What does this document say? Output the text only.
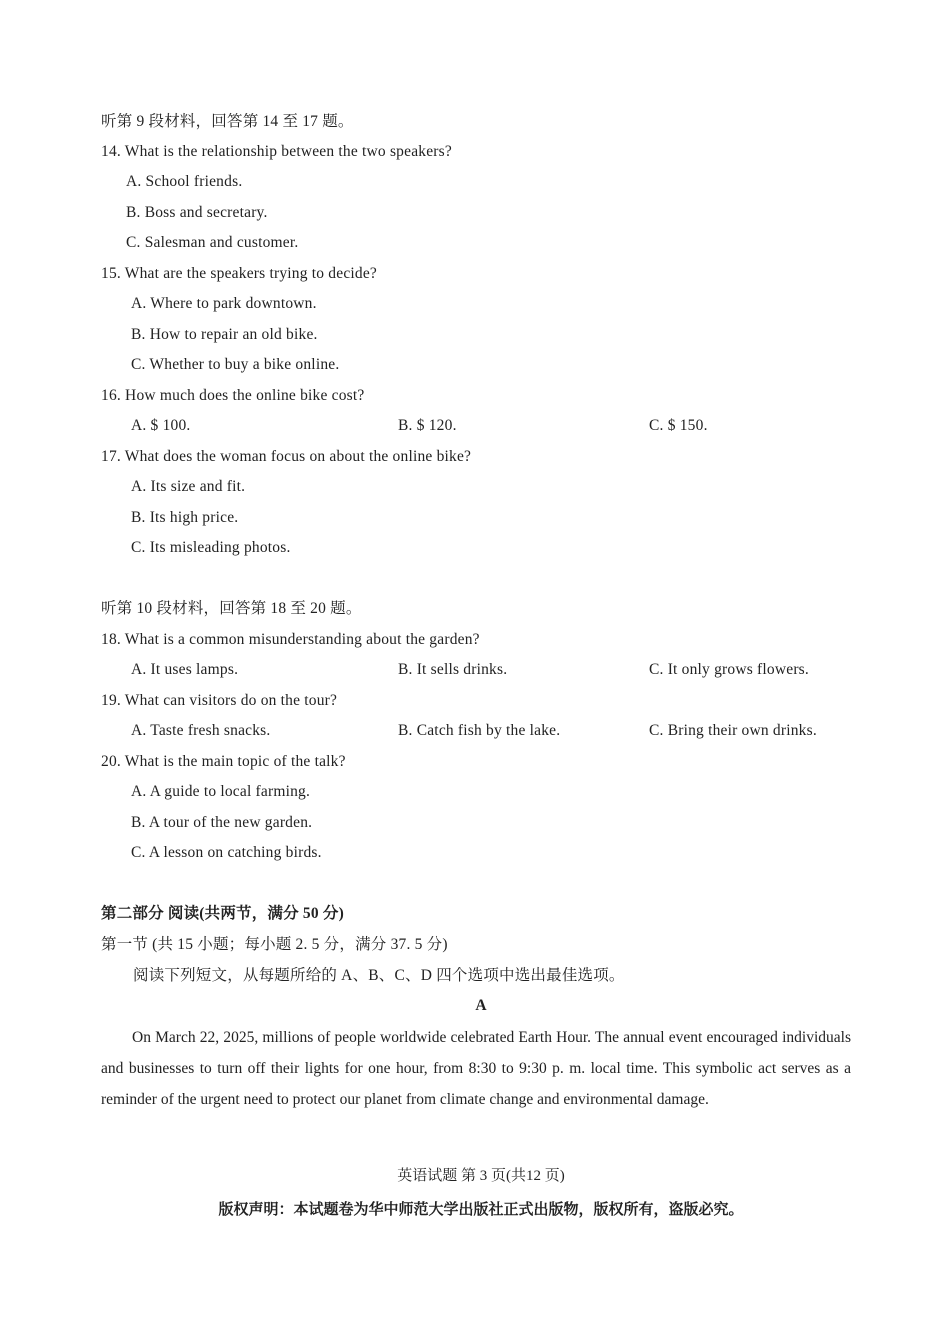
听第 9 段材料，回答第 14 至 17 题。
14. What is the relationship between the two speakers?
A. School friends.
B. Boss and secretary.
C. Salesman and customer.
15. What are the speakers trying to decide?
A. Where to park downtown.
B. How to repair an old bike.
C. Whether to buy a bike online.
16. How much does the online bike cost?
A. $ 100.	B. $ 120.	C. $ 150.
17. What does the woman focus on about the online bike?
A. Its size and fit.
B. Its high price.
C. Its misleading photos.
听第 10 段材料，回答第 18 至 20 题。
18. What is a common misunderstanding about the garden?
A. It uses lamps.	B. It sells drinks.	C. It only grows flowers.
19. What can visitors do on the tour?
A. Taste fresh snacks.	B. Catch fish by the lake.	C. Bring their own drinks.
20. What is the main topic of the talk?
A. A guide to local farming.
B. A tour of the new garden.
C. A lesson on catching birds.
第二部分 阅读(共两节，满分 50 分)
第一节 (共 15 小题；每小题 2. 5 分，满分 37. 5 分)
阅读下列短文，从每题所给的 A、B、C、D 四个选项中选出最佳选项。
A
On March 22, 2025, millions of people worldwide celebrated Earth Hour. The annual event encouraged individuals and businesses to turn off their lights for one hour, from 8:30 to 9:30 p. m. local time. This symbolic act serves as a reminder of the urgent need to protect our planet from climate change and environmental damage.
英语试题 第 3 页(共12 页)
版权声明：本试题卷为华中师范大学出版社正式出版物，版权所有，盗版必究。
